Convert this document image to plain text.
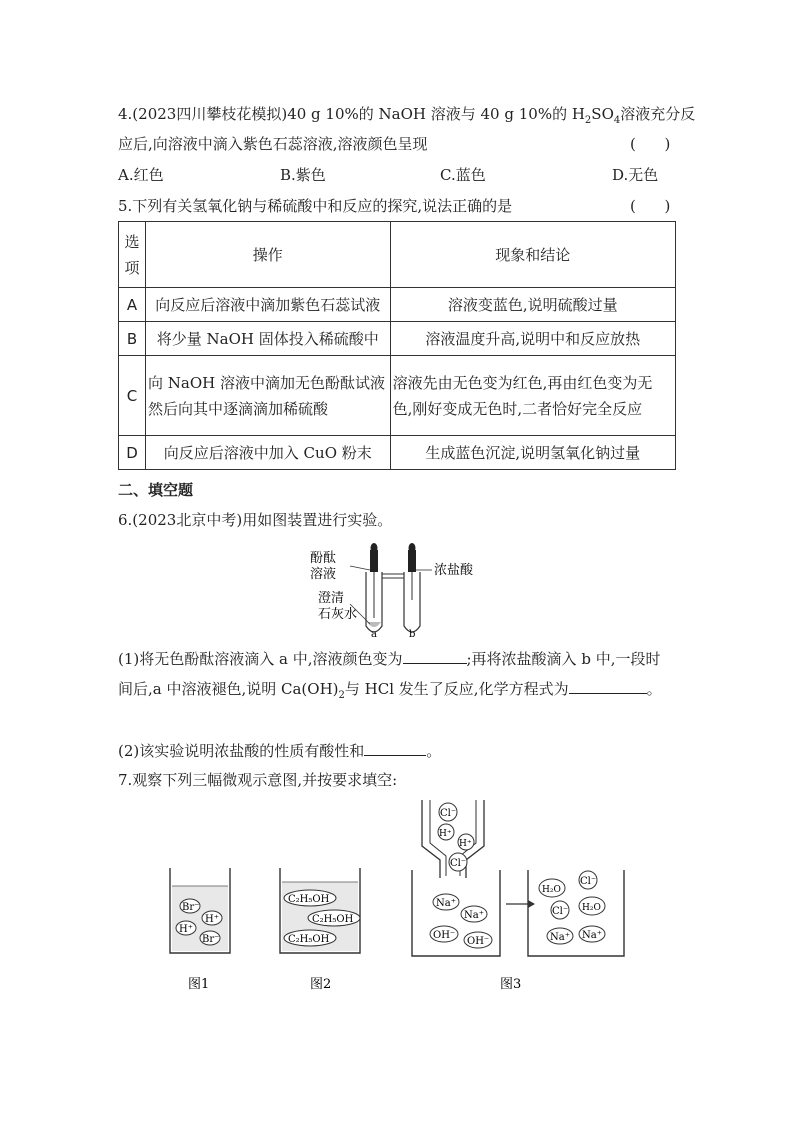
4.(2023四川攀枝花模拟)40 g 10%的 NaOH 溶液与 40 g 10%的 $H_2SO_4$溶液充分反
应后,向溶液中滴入紫色石蕊溶液,溶液颜色呈现	(      )
A.红色	B.紫色	C.蓝色	D.无色
5.下列有关氢氧化钠与稀硫酸中和反应的探究,说法正确的是	(      )
选
项	操作	现象和结论
A	向反应后溶液中滴加紫色石蕊试液	溶液变蓝色,说明硫酸过量
B	将少量 NaOH 固体投入稀硫酸中	溶液温度升高,说明中和反应放热
C	向 NaOH 溶液中滴加无色酚酞试液
然后向其中逐滴滴加稀硫酸	溶液先由无色变为红色,再由红色变为无
色,刚好变成无色时,二者恰好完全反应
D	向反应后溶液中加入 CuO 粉末	生成蓝色沉淀,说明氢氧化钠过量
二、填空题
6.(2023北京中考)用如图装置进行实验。
酚酞
溶液
澄清
石灰水
浓盐酸
a	b
(1)将无色酚酞溶液滴入 a 中,溶液颜色变为	;再将浓盐酸滴入 b 中,一段时
间后,a 中溶液褪色,说明 $Ca(OH)_2$与 HCl 发生了反应,化学方程式为	。
(2)该实验说明浓盐酸的性质有酸性和	。
7.观察下列三幅微观示意图,并按要求填空:
Br⁻
H⁺
H⁺
Br⁻
图1
C₂H₅OH
C₂H₅OH
C₂H₅OH
图2
Cl⁻
H⁺
H⁺
Cl⁻
Na⁺
Na⁺
OH⁻
OH⁻
H₂O
Cl⁻
Cl⁻ H₂O
Na⁺ Na⁺
图3
